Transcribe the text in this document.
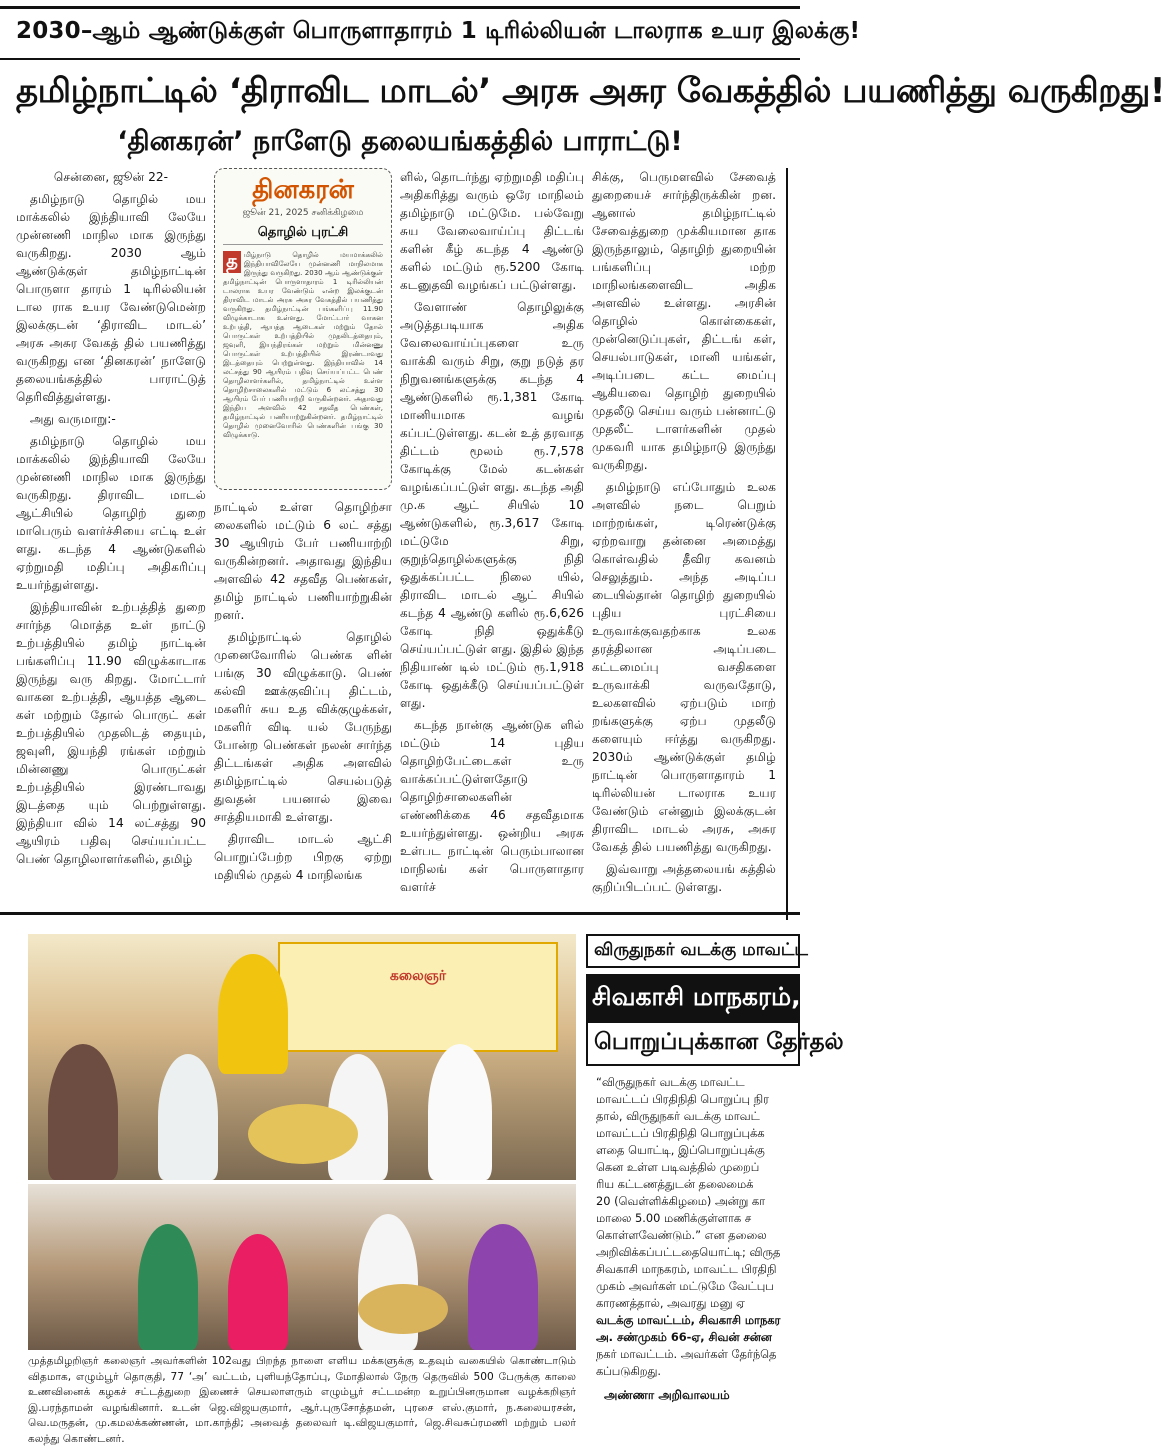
2030–ஆம் ஆண்டுக்குள் பொருளாதாரம் 1 டிரில்லியன் டாலராக உயர இலக்கு!
தமிழ்நாட்டில் ‘திராவிட மாடல்’ அரசு அசுர வேகத்தில் பயணித்து வருகிறது!
‘தினகரன்’ நாளேடு தலையங்கத்தில் பாராட்டு!

சென்னை, ஜூன் 22-

தமிழ்நாடு தொழில் மய மாக்கலில் இந்தியாவி லேயே முன்னணி மாநில மாக இருந்து வருகிறது. 2030 ஆம் ஆண்டுக்குள் தமிழ்நாட்டின் பொருளா தாரம் 1 டிரில்லியன் டால ராக உயர வேண்டுமென்ற இலக்குடன் ‘திராவிட மாடல்’ அரசு அசுர வேகத் தில் பயணித்து வருகிறது என ‘தினகரன்’ நாளேடு தலையங்கத்தில் பாராட்டுத் தெரிவித்துள்ளது.

அது வருமாறு:-

தமிழ்நாடு தொழில் மய மாக்கலில் இந்தியாவி லேயே முன்னணி மாநில மாக இருந்து வருகிறது. திராவிட மாடல் ஆட்சியில் தொழிற் துறை மாபெரும் வளர்ச்சியை எட்டி உள் ளது. கடந்த 4 ஆண்டுகளில் ஏற்றுமதி மதிப்பு அதிகரிப்பு உயர்ந்துள்ளது.

இந்தியாவின் உற்பத்தித் துறை சார்ந்த மொத்த உள் நாட்டு உற்பத்தியில் தமிழ் நாட்டின் பங்களிப்பு 11.90 விழுக்காடாக இருந்து வரு கிறது. மோட்டார் வாகன உற்பத்தி, ஆயத்த ஆடை கள் மற்றும் தோல் பொருட் கள் உற்பத்தியில் முதலிடத் தையும், ஜவுளி, இயந்தி ரங்கள் மற்றும் மின்னணு பொருட்கள் உற்பத்தியில் இரண்டாவது இடத்தை யும் பெற்றுள்ளது. இந்தியா வில் 14 லட்சத்து 90 ஆயிரம் பதிவு செய்யப்பட்ட பெண் தொழிலாளர்களில், தமிழ்

தினகரன்
ஜூன் 21, 2025 சனிக்கிழமை
தொழில் புரட்சி
த மிழ்நாடு தொழில் மயமாக்கலில் இந்தியாவிலேயே முன்னணி மாநிலமாக இருந்து வருகிறது. 2030 ஆம் ஆண்டுக்குள் தமிழ்நாட்டின் பொருளாதாரம் 1 டிரில்லியன் டாலராக உயர வேண்டும் என்ற இலக்குடன் திராவிட மாடல் அரசு அசுர வேகத்தில் பயணித்து வருகிறது. தமிழ்நாட்டின் பங்களிப்பு 11.90 விழுக்காடாக உள்ளது. மோட்டார் வாகன உற்பத்தி, ஆயத்த ஆடைகள் மற்றும் தோல் பொருட்கள் உற்பத்தியில் முதலிடத்தையும், ஜவுளி, இயந்திரங்கள் மற்றும் மின்னணு பொருட்கள் உற்பத்தியில் இரண்டாவது இடத்தையும் பெற்றுள்ளது. இந்தியாவில் 14 லட்சத்து 90 ஆயிரம் பதிவு செய்யப்பட்ட பெண் தொழிலாளர்களில், தமிழ்நாட்டில் உள்ள தொழிற்சாலைகளில் மட்டும் 6 லட்சத்து 30 ஆயிரம் பேர் பணியாற்றி வருகின்றனர். அதாவது இந்திய அளவில் 42 சதவீத பெண்கள், தமிழ்நாட்டில் பணியாற்றுகின்றனர். தமிழ்நாட்டில் தொழில் முனைவோரில் பெண்களின் பங்கு 30 விழுக்காடு.

நாட்டில் உள்ள தொழிற்சா லைகளில் மட்டும் 6 லட் சத்து 30 ஆயிரம் பேர் பணியாற்றி வருகின்றனர். அதாவது இந்திய அளவில் 42 சதவீத பெண்கள், தமிழ் நாட்டில் பணியாற்றுகின் றனர்.

தமிழ்நாட்டில் தொழில் முனைவோரில் பெண்க ளின் பங்கு 30 விழுக்காடு. பெண் கல்வி ஊக்குவிப்பு திட்டம், மகளிர் சுய உத விக்குழுக்கள், மகளிர் விடி யல் பேருந்து போன்ற பெண்கள் நலன் சார்ந்த திட்டங்கள் அதிக அளவில் தமிழ்நாட்டில் செயல்படுத் துவதன் பயனால் இவை சாத்தியமாகி உள்ளது.

திராவிட மாடல் ஆட்சி பொறுப்பேற்ற பிறகு ஏற்று மதியில் முதல் 4 மாநிலங்க

ளில், தொடர்ந்து ஏற்றுமதி மதிப்பு அதிகரித்து வரும் ஒரே மாநிலம் தமிழ்நாடு மட்டுமே. பல்வேறு சுய வேலைவாய்ப்பு திட்டங் களின் கீழ் கடந்த 4 ஆண்டு களில் மட்டும் ரூ.5200 கோடி கடனுதவி வழங்கப் பட்டுள்ளது.

வேளாண் தொழிலுக்கு அடுத்தபடியாக அதிக வேலைவாய்ப்புகளை உரு வாக்கி வரும் சிறு, குறு நடுத் தர நிறுவனங்களுக்கு கடந்த 4 ஆண்டுகளில் ரூ.1,381 கோடி மானியமாக வழங் கப்பட்டுள்ளது. கடன் உத் தரவாத திட்டம் மூலம் ரூ.7,578 கோடிக்கு மேல் கடன்கள் வழங்கப்பட்டுள் ளது. கடந்த அதி மு.க ஆட் சியில் 10 ஆண்டுகளில், ரூ.3,617 கோடி மட்டுமே சிறு, குறுந்தொழில்களுக்கு நிதி ஒதுக்கப்பட்ட நிலை யில், திராவிட மாடல் ஆட் சியில் கடந்த 4 ஆண்டு களில் ரூ.6,626 கோடி நிதி ஒதுக்கீடு செய்யப்பட்டுள் ளது. இதில் இந்த நிதியாண் டில் மட்டும் ரூ.1,918 கோடி ஒதுக்கீடு செய்யப்பட்டுள் ளது.

கடந்த நான்கு ஆண்டுக ளில் மட்டும் 14 புதிய தொழிற்பேட்டைகள் உரு வாக்கப்பட்டுள்ளதோடு தொழிற்சாலைகளின் எண்ணிக்கை 46 சதவீதமாக உயர்ந்துள்ளது. ஒன்றிய அரசு உள்பட நாட்டின் பெரும்பாலான மாநிலங் கள் பொருளாதார வளர்ச்

சிக்கு, பெருமளவில் சேவைத் துறையைச் சார்ந்திருக்கின் றன. ஆனால் தமிழ்நாட்டில் சேவைத்துறை முக்கியமான தாக இருந்தாலும், தொழிற் துறையின் பங்களிப்பு மற்ற மாநிலங்களைவிட அதிக அளவில் உள்ளது. அரசின் தொழில் கொள்கைகள், முன்னெடுப்புகள், திட்டங் கள், செயல்பாடுகள், மானி யங்கள், அடிப்படை கட்ட மைப்பு ஆகியவை தொழிற் துறையில் முதலீடு செய்ய வரும் பன்னாட்டு முதலீட் டாளர்களின் முதல் முகவரி யாக தமிழ்நாடு இருந்து வருகிறது.

தமிழ்நாடு எப்போதும் உலக அளவில் நடை பெறும் மாற்றங்கள், டிரெண்டுக்கு ஏற்றவாறு தன்னை அமைத்து கொள்வதில் தீவிர கவனம் செலுத்தும். அந்த அடிப்ப டையில்தான் தொழிற் துறையில் புதிய புரட்சியை உருவாக்குவதற்காக உலக தரத்திலான அடிப்படை கட்டமைப்பு வசதிகளை உருவாக்கி வருவதோடு, உலகளவில் ஏற்படும் மாற் றங்களுக்கு ஏற்ப முதலீடு களையும் ஈர்த்து வருகிறது. 2030ம் ஆண்டுக்குள் தமிழ் நாட்டின் பொருளாதாரம் 1 டிரில்லியன் டாலராக உயர வேண்டும் என்னும் இலக்குடன் திராவிட மாடல் அரசு, அசுர வேகத் தில் பயணித்து வருகிறது.

இவ்வாறு அத்தலையங் கத்தில் குறிப்பிடப்பட் டுள்ளது.

கலைஞர்
முத்தமிழறிஞர் கலைஞர் அவர்களின் 102வது பிறந்த நாளை எளிய மக்களுக்கு உதவும் வகையில் கொண்டாடும் விதமாக, எழும்பூர் தொகுதி, 77 ‘அ’ வட்டம், புளியந்தோப்பு, மோதிலால் நேரு தெருவில் 500 பேருக்கு காலை உணவினைக் கழகச் சட்டத்துறை இணைச் செயலாளரும் எழும்பூர் சட்டமன்ற உறுப்பினருமான வழக்கறிஞர் இ.பரந்தாமன் வழங்கினார். உடன் ஜெ.விஜயகுமார், ஆர்.புருசோத்தமன், புரசை எஸ்.குமார், ந.கலையரசன், வெ.மருதன், மு.கமலக்கண்ணன், மா.காந்தி; அவைத் தலைவர் டி.விஜயகுமார், ஜெ.சிவசுப்ரமணி மற்றும் பலர் கலந்து கொண்டனர்.
விருதுநகர் வடக்கு மாவட்ட
சிவகாசி மாநகரம், ம
பொறுப்புக்கான தேர்தல்

“விருதுநகர் வடக்கு மாவட்ட

மாவட்டப் பிரதிநிதி பொறுப்பு நிர

தால், விருதுநகர் வடக்கு மாவட்

மாவட்டப் பிரதிநிதி பொறுப்புக்க

ளதை யொட்டி, இப்பொறுப்புக்கு

கென உள்ள படிவத்தில் முறைப்

ரிய கட்டணத்துடன் தலைமைக்

20 (வெள்ளிக்கிழமை) அன்று கா

மாலை 5.00 மணிக்குள்ளாக ச

கொள்ளவேண்டும்.” என தலைை

அறிவிக்கப்பட்டதையொட்டி; விருத

சிவகாசி மாநகரம், மாவட்ட பிரதிநி

முகம் அவர்கள் மட்டுமே வேட்புப

காரணத்தால், அவரது மனு ஏ

வடக்கு மாவட்டம், சிவகாசி மாநகர

அ. சண்முகம் 66-ஏ, சிவன் சன்ன

நகர் மாவட்டம். அவர்கள் தேர்ந்தெ

கப்படுகிறது.

அண்ணா அறிவாலயம்
